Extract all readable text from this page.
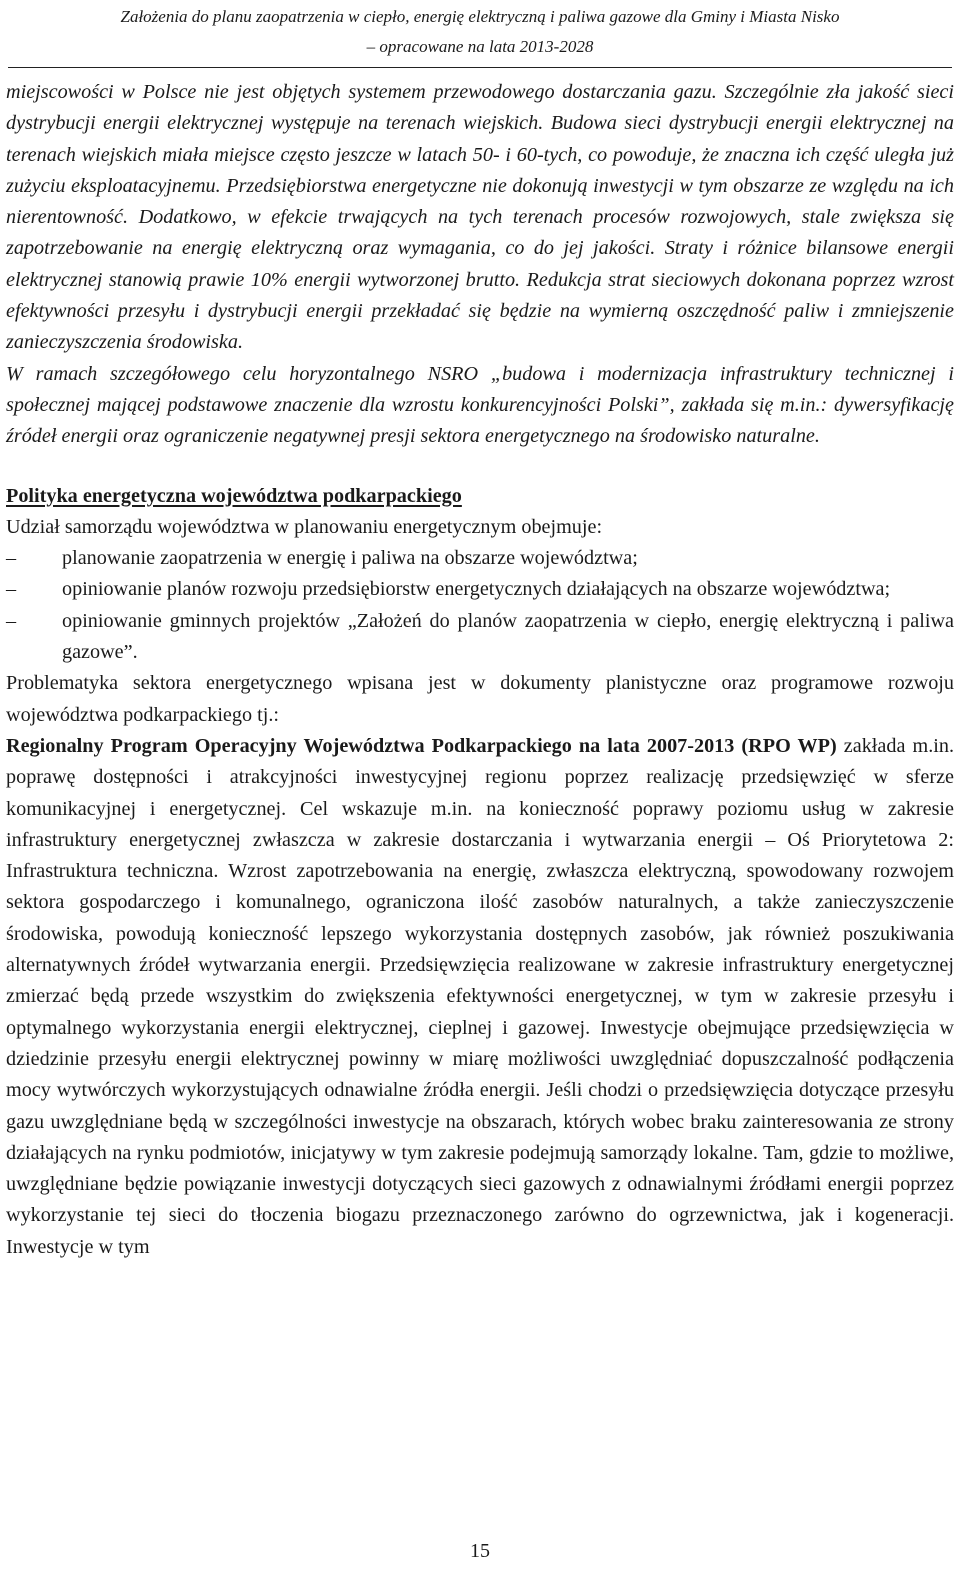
Założenia do planu zaopatrzenia w ciepło, energię elektryczną i paliwa gazowe dla Gminy i Miasta Nisko
– opracowane na lata 2013-2028

miejscowości w Polsce nie jest objętych systemem przewodowego dostarczania gazu. Szczególnie zła jakość sieci dystrybucji energii elektrycznej występuje na terenach wiejskich. Budowa sieci dystrybucji energii elektrycznej na terenach wiejskich miała miejsce często jeszcze w latach 50- i 60-tych, co powoduje, że znaczna ich część uległa już zużyciu eksploatacyjnemu. Przedsiębiorstwa energetyczne nie dokonują inwestycji w tym obszarze ze względu na ich nierentowność. Dodatkowo, w efekcie trwających na tych terenach procesów rozwojowych, stale zwiększa się zapotrzebowanie na energię elektryczną oraz wymagania, co do jej jakości. Straty i różnice bilansowe energii elektrycznej stanowią prawie 10% energii wytworzonej brutto. Redukcja strat sieciowych dokonana poprzez wzrost efektywności przesyłu i dystrybucji energii przekładać się będzie na wymierną oszczędność paliw i zmniejszenie zanieczyszczenia środowiska.

W ramach szczegółowego celu horyzontalnego NSRO „budowa i modernizacja infrastruktury technicznej i społecznej mającej podstawowe znaczenie dla wzrostu konkurencyjności Polski”, zakłada się m.in.: dywersyfikację źródeł energii oraz ograniczenie negatywnej presji sektora energetycznego na środowisko naturalne.

Polityka energetyczna województwa podkarpackiego

Udział samorządu województwa w planowaniu energetycznym obejmuje:

–	planowanie zaopatrzenia w energię i paliwa na obszarze województwa;
–	opiniowanie planów rozwoju przedsiębiorstw energetycznych działających na obszarze województwa;
–	opiniowanie gminnych projektów „Założeń do planów zaopatrzenia w ciepło, energię elektryczną i paliwa gazowe”.

Problematyka sektora energetycznego wpisana jest w dokumenty planistyczne oraz programowe rozwoju województwa podkarpackiego tj.:

Regionalny Program Operacyjny Województwa Podkarpackiego na lata 2007-2013 (RPO WP) zakłada m.in. poprawę dostępności i atrakcyjności inwestycyjnej regionu poprzez realizację przedsięwzięć w sferze komunikacyjnej i energetycznej. Cel wskazuje m.in. na konieczność poprawy poziomu usług w zakresie infrastruktury energetycznej zwłaszcza w zakresie dostarczania i wytwarzania energii – Oś Priorytetowa 2: Infrastruktura techniczna. Wzrost zapotrzebowania na energię, zwłaszcza elektryczną, spowodowany rozwojem sektora gospodarczego i komunalnego, ograniczona ilość zasobów naturalnych, a także zanieczyszczenie środowiska, powodują konieczność lepszego wykorzystania dostępnych zasobów, jak również poszukiwania alternatywnych źródeł wytwarzania energii. Przedsięwzięcia realizowane w zakresie infrastruktury energetycznej zmierzać będą przede wszystkim do zwiększenia efektywności energetycznej, w tym w zakresie przesyłu i optymalnego wykorzystania energii elektrycznej, cieplnej i gazowej. Inwestycje obejmujące przedsięwzięcia w dziedzinie przesyłu energii elektrycznej powinny w miarę możliwości uwzględniać dopuszczalność podłączenia mocy wytwórczych wykorzystujących odnawialne źródła energii. Jeśli chodzi o przedsięwzięcia dotyczące przesyłu gazu uwzględniane będą w szczególności inwestycje na obszarach, których wobec braku zainteresowania ze strony działających na rynku podmiotów, inicjatywy w tym zakresie podejmują samorządy lokalne. Tam, gdzie to możliwe, uwzględniane będzie powiązanie inwestycji dotyczących sieci gazowych z odnawialnymi źródłami energii poprzez wykorzystanie tej sieci do tłoczenia biogazu przeznaczonego zarówno do ogrzewnictwa, jak i kogeneracji. Inwestycje w tym

15
